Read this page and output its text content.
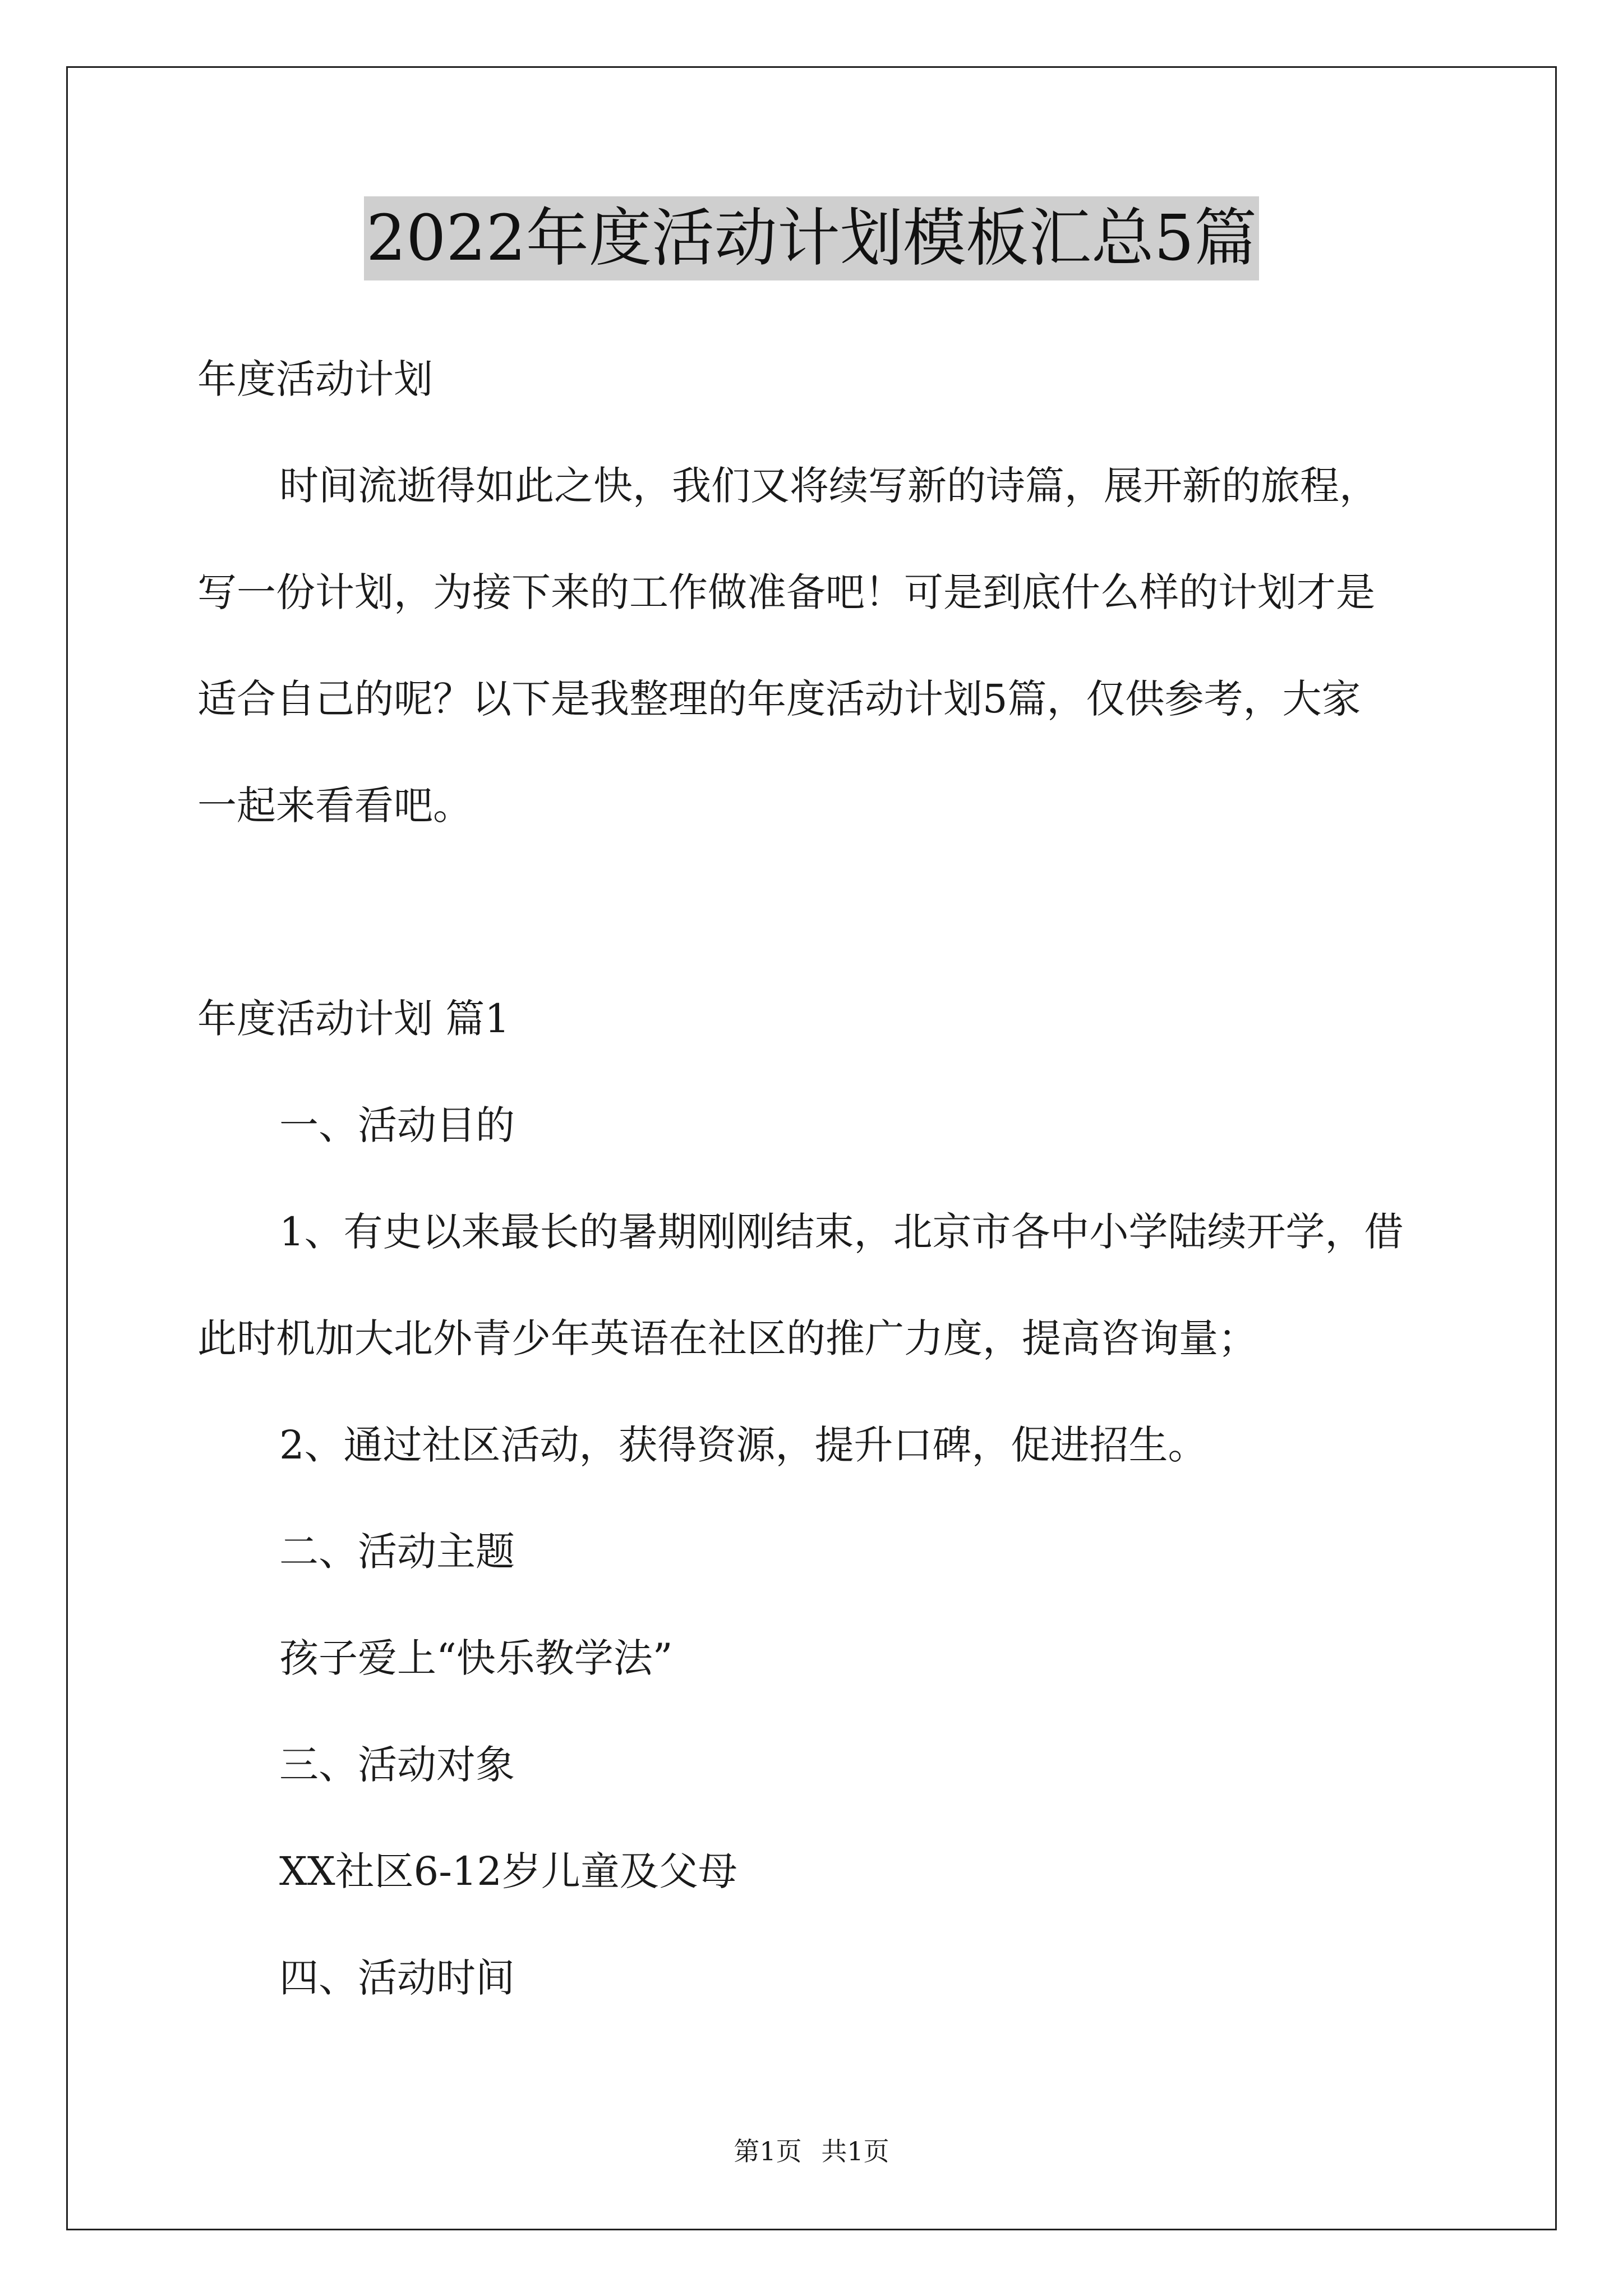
2022年度活动计划模板汇总5篇
年度活动计划
时间流逝得如此之快，我们又将续写新的诗篇，展开新的旅程，
写一份计划，为接下来的工作做准备吧！可是到底什么样的计划才是
适合自己的呢？以下是我整理的年度活动计划5篇，仅供参考，大家
一起来看看吧。
年度活动计划 篇1
一、活动目的
1、有史以来最长的暑期刚刚结束，北京市各中小学陆续开学，借
此时机加大北外青少年英语在社区的推广力度，提高咨询量；
2、通过社区活动，获得资源，提升口碑，促进招生。
二、活动主题
孩子爱上“快乐教学法”
三、活动对象
XX社区6-12岁儿童及父母
四、活动时间
第1页 共1页
